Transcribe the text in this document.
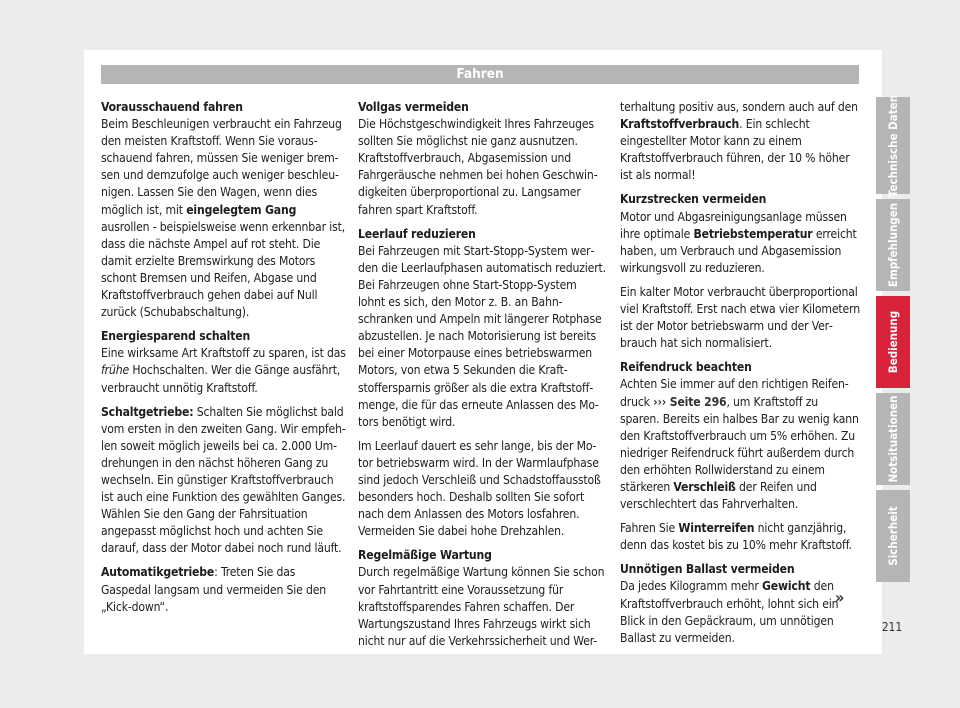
Fahren
Vorausschauend fahren

Beim Beschleunigen verbraucht ein Fahrzeug den meisten Kraftstoff. Wenn Sie vorausschauend fahren, müssen Sie weniger bremsen und demzufolge auch weniger beschleunigen. Lassen Sie den Wagen, wenn dies möglich ist, mit eingelegtem Gang ausrollen - beispielsweise wenn erkennbar ist, dass die nächste Ampel auf rot steht. Die damit erzielte Bremswirkung des Motors schont Bremsen und Reifen, Abgase und Kraftstoffverbrauch gehen dabei auf Null zurück (Schubabschaltung).

Energiesparend schalten

Eine wirksame Art Kraftstoff zu sparen, ist das frühe Hochschalten. Wer die Gänge ausfährt, verbraucht unnötig Kraftstoff.

Schaltgetriebe: Schalten Sie möglichst bald vom ersten in den zweiten Gang. Wir empfehlen soweit möglich jeweils bei ca. 2.000 Umdrehungen in den nächst höheren Gang zu wechseln. Ein günstiger Kraftstoffverbrauch ist auch eine Funktion des gewählten Ganges. Wählen Sie den Gang der Fahrsituation angepasst möglichst hoch und achten Sie darauf, dass der Motor dabei noch rund läuft.

Automatikgetriebe: Treten Sie das Gaspedal langsam und vermeiden Sie den „Kick-down“.

Vollgas vermeiden

Die Höchstgeschwindigkeit Ihres Fahrzeuges sollten Sie möglichst nie ganz ausnutzen. Kraftstoffverbrauch, Abgasemission und Fahrgeräusche nehmen bei hohen Geschwindigkeiten überproportional zu. Langsamer fahren spart Kraftstoff.

Leerlauf reduzieren

Bei Fahrzeugen mit Start-Stopp-System werden die Leerlaufphasen automatisch reduziert. Bei Fahrzeugen ohne Start-Stopp-System lohnt es sich, den Motor z. B. an Bahnschranken und Ampeln mit längerer Rotphase abzustellen. Je nach Motorisierung ist bereits bei einer Motorpause eines betriebswarmen Motors, von etwa 5 Sekunden die Kraftstoffersparnis größer als die extra Kraftstoffmenge, die für das erneute Anlassen des Motors benötigt wird.

Im Leerlauf dauert es sehr lange, bis der Motor betriebswarm wird. In der Warmlaufphase sind jedoch Verschleiß und Schadstoffausstoß besonders hoch. Deshalb sollten Sie sofort nach dem Anlassen des Motors losfahren. Vermeiden Sie dabei hohe Drehzahlen.

Regelmäßige Wartung

Durch regelmäßige Wartung können Sie schon vor Fahrtantritt eine Voraussetzung für kraftstoffsparendes Fahren schaffen. Der Wartungszustand Ihres Fahrzeugs wirkt sich nicht nur auf die Verkehrssicherheit und Wer-

terhaltung positiv aus, sondern auch auf den Kraftstoffverbrauch. Ein schlecht eingestellter Motor kann zu einem Kraftstoffverbrauch führen, der 10 % höher ist als normal!

Kurzstrecken vermeiden

Motor und Abgasreinigungsanlage müssen ihre optimale Betriebstemperatur erreicht haben, um Verbrauch und Abgasemission wirkungsvoll zu reduzieren.

Ein kalter Motor verbraucht überproportional viel Kraftstoff. Erst nach etwa vier Kilometern ist der Motor betriebswarm und der Verbrauch hat sich normalisiert.

Reifendruck beachten

Achten Sie immer auf den richtigen Reifendruck ››› Seite 296, um Kraftstoff zu sparen. Bereits ein halbes Bar zu wenig kann den Kraftstoffverbrauch um 5% erhöhen. Zu niedriger Reifendruck führt außerdem durch den erhöhten Rollwiderstand zu einem stärkeren Verschleiß der Reifen und verschlechtert das Fahrverhalten.

Fahren Sie Winterreifen nicht ganzjährig, denn das kostet bis zu 10% mehr Kraftstoff.

Unnötigen Ballast vermeiden

Da jedes Kilogramm mehr Gewicht den Kraftstoffverbrauch erhöht, lohnt sich ein Blick in den Gepäckraum, um unnötigen Ballast zu vermeiden.

»
Technische Daten
Empfehlungen
Bedienung
Notsituationen
Sicherheit
211
